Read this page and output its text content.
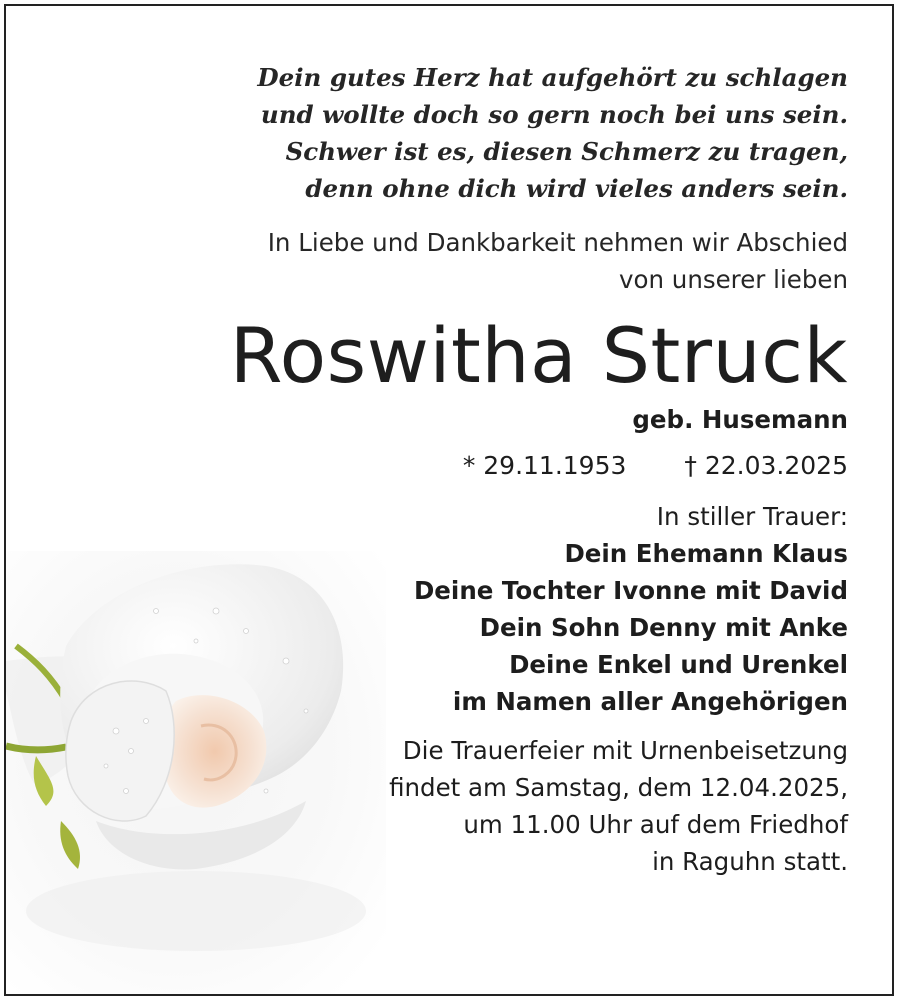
Dein gutes Herz hat aufgehört zu schlagen
und wollte doch so gern noch bei uns sein.
Schwer ist es, diesen Schmerz zu tragen,
denn ohne dich wird vieles anders sein.
In Liebe und Dankbarkeit nehmen wir Abschied
von unserer lieben
Roswitha Struck
geb. Husemann
* 29.11.1953 † 22.03.2025
In stiller Trauer:
Dein Ehemann Klaus
Deine Tochter Ivonne mit David
Dein Sohn Denny mit Anke
Deine Enkel und Urenkel
im Namen aller Angehörigen
Die Trauerfeier mit Urnenbeisetzung
findet am Samstag, dem 12.04.2025,
um 11.00 Uhr auf dem Friedhof
in Raguhn statt.
